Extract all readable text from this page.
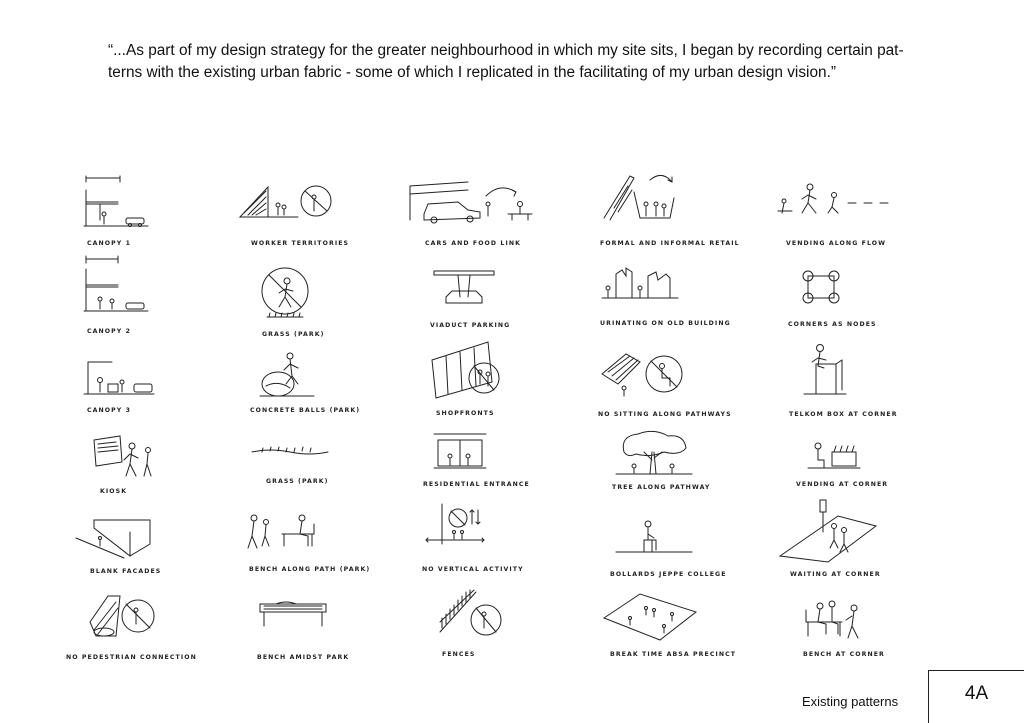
“...As part of my design strategy for the greater neighbourhood in which my site sits, I began by recording certain pat-terns with the existing urban fabric - some of which I replicated in the facilitating of my urban design vision.”

CANOPY 1
CANOPY 2
CANOPY 3
KIOSK
BLANK FACADES
NO PEDESTRIAN CONNECTION
WORKER TERRITORIES
GRASS (PARK)
CONCRETE BALLS (PARK)
GRASS (PARK)
BENCH ALONG PATH (PARK)
BENCH AMIDST PARK
CARS AND FOOD LINK
VIADUCT PARKING
SHOPFRONTS
RESIDENTIAL ENTRANCE
NO VERTICAL ACTIVITY
FENCES
FORMAL AND INFORMAL RETAIL
URINATING ON OLD BUILDING
NO SITTING ALONG PATHWAYS
TREE ALONG PATHWAY
BOLLARDS JEPPE COLLEGE
BREAK TIME ABSA PRECINCT
VENDING ALONG FLOW
CORNERS AS NODES
TELKOM BOX AT CORNER
VENDING AT CORNER
WAITING AT CORNER
BENCH AT CORNER
Existing patterns	4A
